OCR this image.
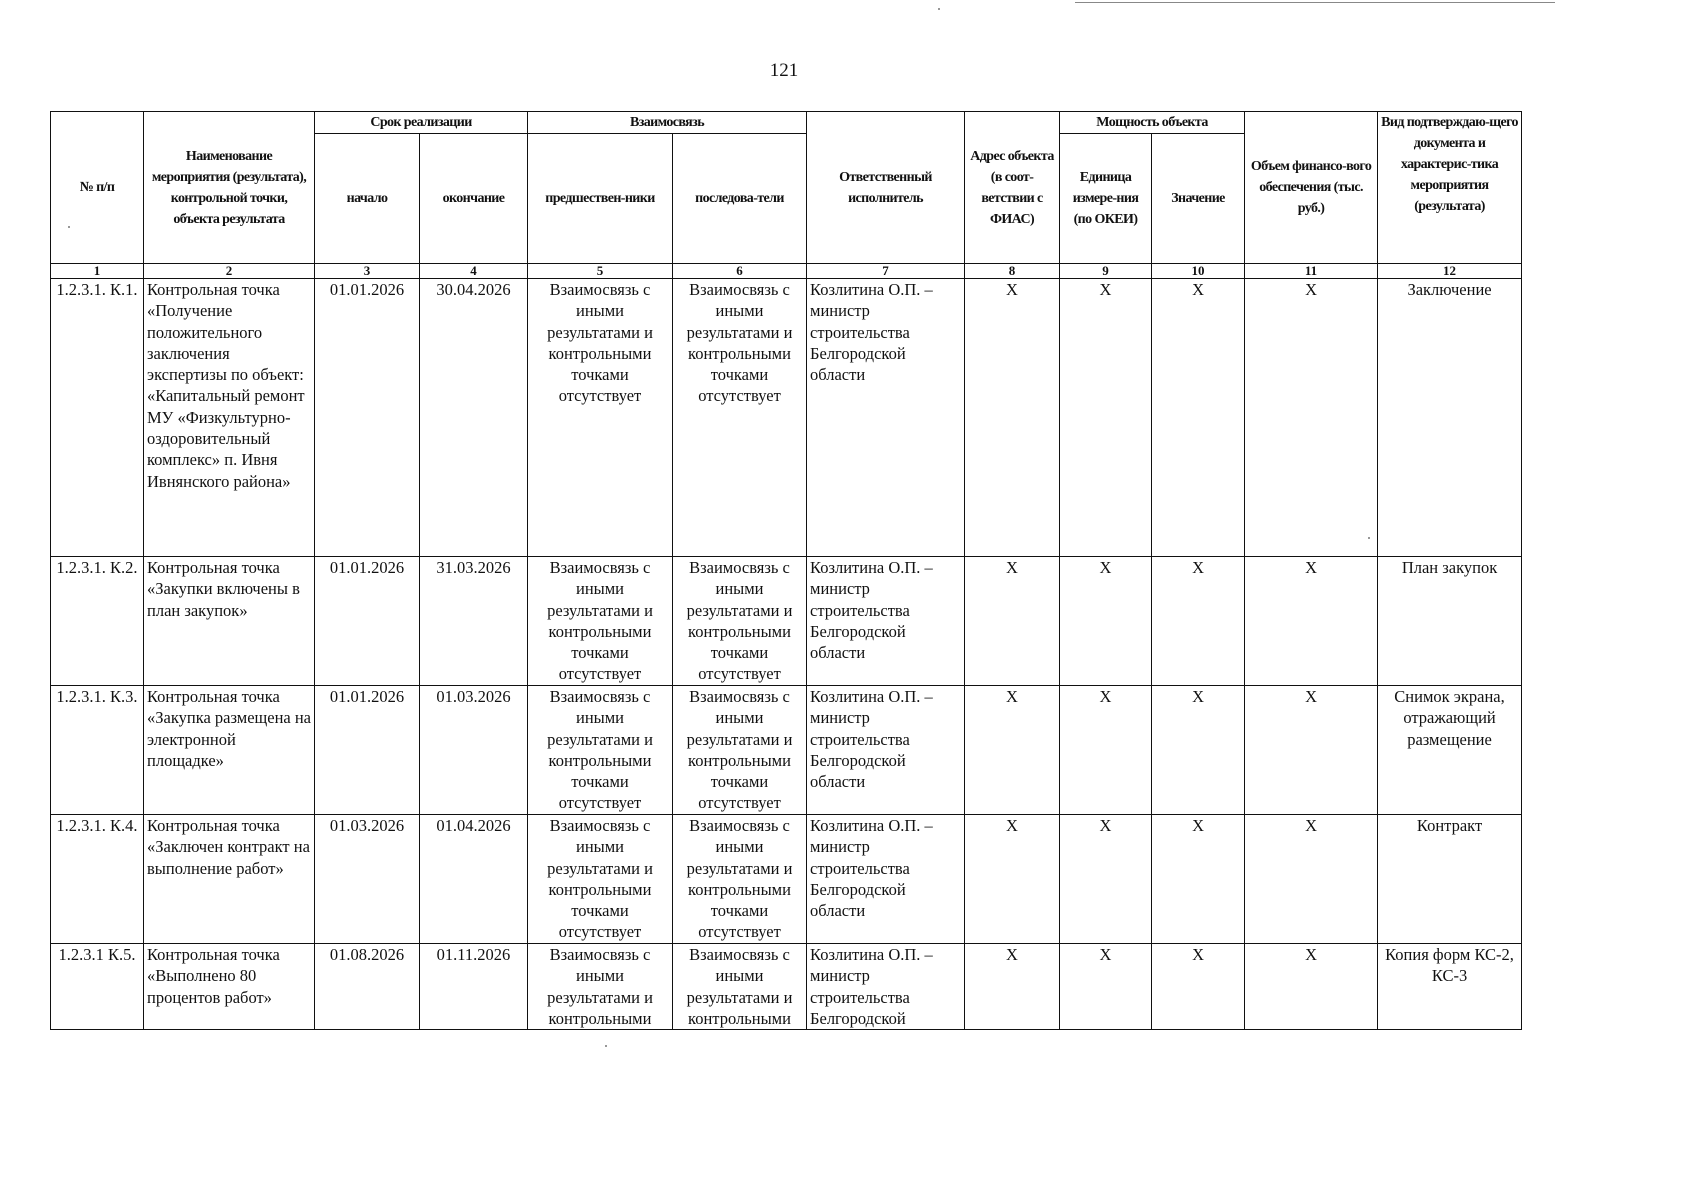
121
№ п/п	Наименование мероприятия (результата), контрольной точки, объекта результата	Срок реализации		Взаимосвязь		Ответственный исполнитель	Адрес объекта (в соот-ветствии с ФИАС)	Мощность объекта		Объем финансо-вого обеспечения (тыс. руб.)	Вид подтверждаю-щего документа и характерис-тика мероприятия (результата)
		начало	окончание	предшествен-ники	последова-тели			Единица измере-ния (по ОКЕИ)	Значение		
1	2	3	4	5	6	7	8	9	10	11	12
1.2.3.1. К.1.	Контрольная точка «Получение положительного заключения экспертизы по объект: «Капитальный ремонт МУ «Физкультурно-оздоровительный комплекс» п. Ивня Ивнянского района»	01.01.2026	30.04.2026	Взаимосвязь с иными результатами и контрольными точками отсутствует	Взаимосвязь с иными результатами и контрольными точками отсутствует	Козлитина О.П. – министр строительства Белгородской области	X	X	X	X	Заключение
1.2.3.1. К.2.	Контрольная точка «Закупки включены в план закупок»	01.01.2026	31.03.2026	Взаимосвязь с иными результатами и контрольными точками отсутствует	Взаимосвязь с иными результатами и контрольными точками отсутствует	Козлитина О.П. – министр строительства Белгородской области	X	X	X	X	План закупок
1.2.3.1. К.3.	Контрольная точка «Закупка размещена на электронной площадке»	01.01.2026	01.03.2026	Взаимосвязь с иными результатами и контрольными точками отсутствует	Взаимосвязь с иными результатами и контрольными точками отсутствует	Козлитина О.П. – министр строительства Белгородской области	X	X	X	X	Снимок экрана, отражающий размещение
1.2.3.1. К.4.	Контрольная точка «Заключен контракт на выполнение работ»	01.03.2026	01.04.2026	Взаимосвязь с иными результатами и контрольными точками отсутствует	Взаимосвязь с иными результатами и контрольными точками отсутствует	Козлитина О.П. – министр строительства Белгородской области	X	X	X	X	Контракт
1.2.3.1 К.5.	Контрольная точка «Выполнено 80 процентов работ»	01.08.2026	01.11.2026	Взаимосвязь с иными результатами и контрольными	Взаимосвязь с иными результатами и контрольными	Козлитина О.П. – министр строительства Белгородской	X	X	X	X	Копия форм КС-2, КС-3
